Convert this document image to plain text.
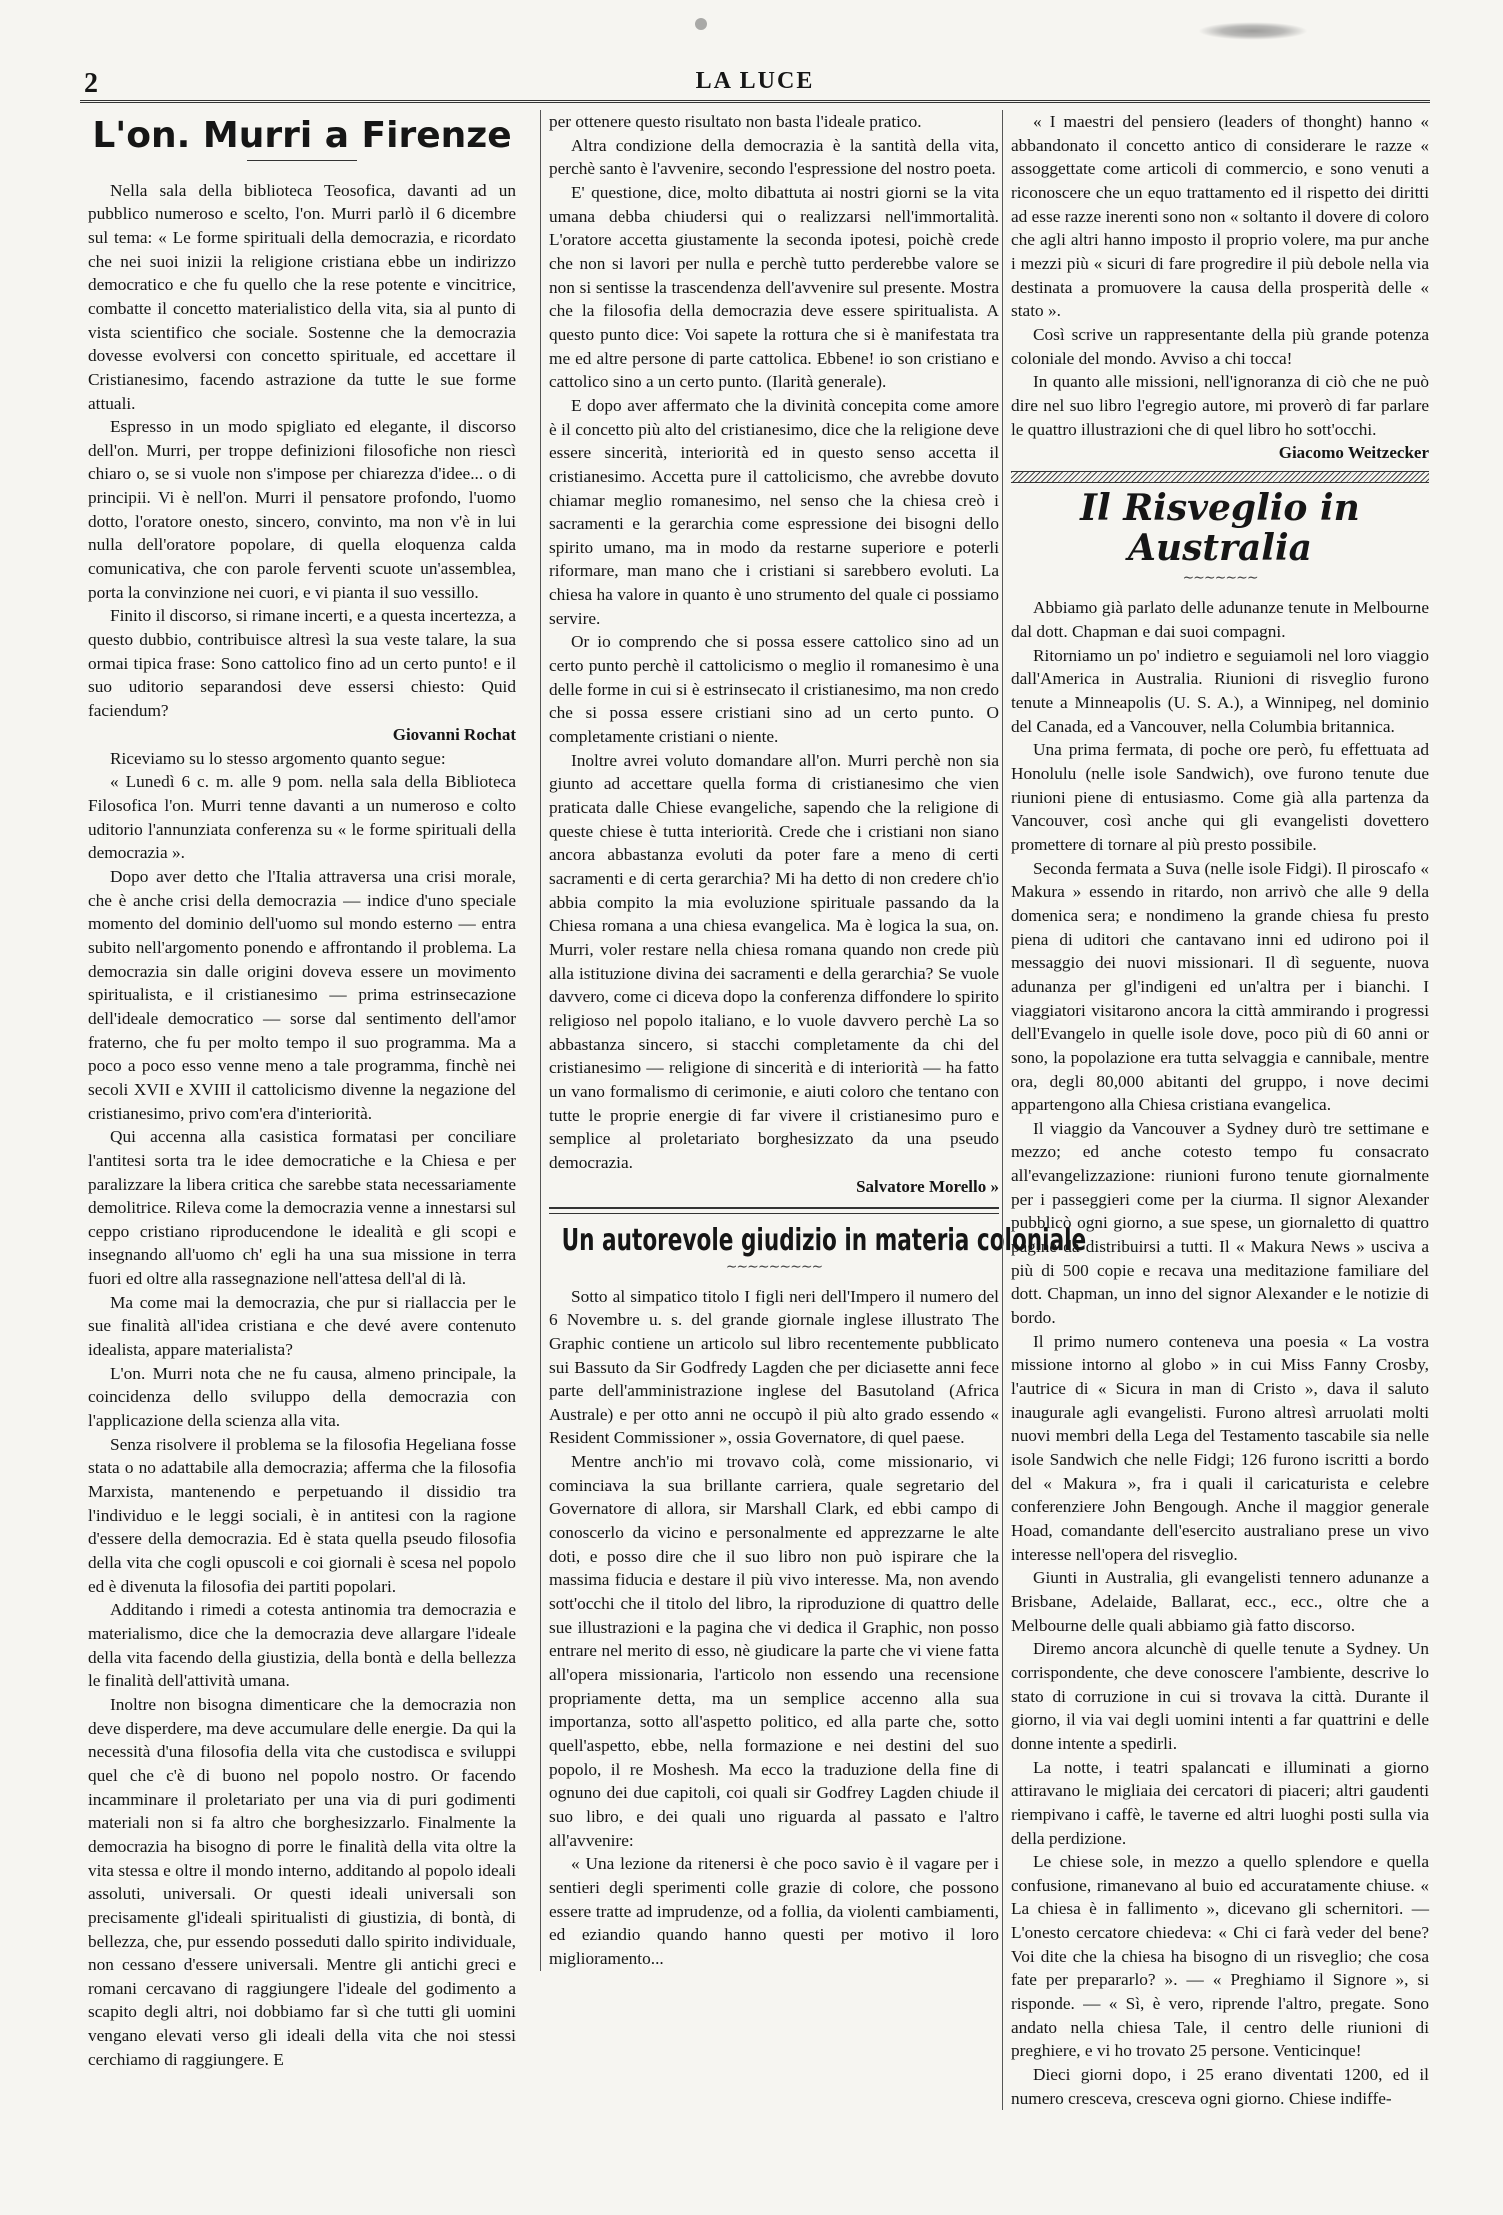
2	LA LUCE
L'on. Murri a Firenze

Nella sala della biblioteca Teosofica, davanti ad un pubblico numeroso e scelto, l'on. Murri parlò il 6 dicembre sul tema: « Le forme spirituali della democrazia, e ricordato che nei suoi inizii la religione cristiana ebbe un indirizzo democratico e che fu quello che la rese potente e vincitrice, combatte il concetto materialistico della vita, sia al punto di vista scientifico che sociale. Sostenne che la democrazia dovesse evolversi con concetto spirituale, ed accettare il Cristianesimo, facendo astrazione da tutte le sue forme attuali.

Espresso in un modo spigliato ed elegante, il discorso dell'on. Murri, per troppe definizioni filosofiche non riescì chiaro o, se si vuole non s'impose per chiarezza d'idee... o di principii. Vi è nell'on. Murri il pensatore profondo, l'uomo dotto, l'oratore onesto, sincero, convinto, ma non v'è in lui nulla dell'oratore popolare, di quella eloquenza calda comunicativa, che con parole ferventi scuote un'assemblea, porta la convinzione nei cuori, e vi pianta il suo vessillo.

Finito il discorso, si rimane incerti, e a questa incertezza, a questo dubbio, contribuisce altresì la sua veste talare, la sua ormai tipica frase: Sono cattolico fino ad un certo punto! e il suo uditorio separandosi deve essersi chiesto: Quid faciendum?

Giovanni Rochat

Riceviamo su lo stesso argomento quanto segue:

« Lunedì 6 c. m. alle 9 pom. nella sala della Biblioteca Filosofica l'on. Murri tenne davanti a un numeroso e colto uditorio l'annunziata conferenza su « le forme spirituali della democrazia ».

Dopo aver detto che l'Italia attraversa una crisi morale, che è anche crisi della democrazia — indice d'uno speciale momento del dominio dell'uomo sul mondo esterno — entra subito nell'argomento ponendo e affrontando il problema. La democrazia sin dalle origini doveva essere un movimento spiritualista, e il cristianesimo — prima estrinsecazione dell'ideale democratico — sorse dal sentimento dell'amor fraterno, che fu per molto tempo il suo programma. Ma a poco a poco esso venne meno a tale programma, finchè nei secoli XVII e XVIII il cattolicismo divenne la negazione del cristianesimo, privo com'era d'interiorità.

Qui accenna alla casistica formatasi per conciliare l'antitesi sorta tra le idee democratiche e la Chiesa e per paralizzare la libera critica che sarebbe stata necessariamente demolitrice. Rileva come la democrazia venne a innestarsi sul ceppo cristiano riproducendone le idealità e gli scopi e insegnando all'uomo ch' egli ha una sua missione in terra fuori ed oltre alla rassegnazione nell'attesa dell'al di là.

Ma come mai la democrazia, che pur si riallaccia per le sue finalità all'idea cristiana e che devé avere contenuto idealista, appare materialista?

L'on. Murri nota che ne fu causa, almeno principale, la coincidenza dello sviluppo della democrazia con l'applicazione della scienza alla vita.

Senza risolvere il problema se la filosofia Hegeliana fosse stata o no adattabile alla democrazia; afferma che la filosofia Marxista, mantenendo e perpetuando il dissidio tra l'individuo e le leggi sociali, è in antitesi con la ragione d'essere della democrazia. Ed è stata quella pseudo filosofia della vita che cogli opuscoli e coi giornali è scesa nel popolo ed è divenuta la filosofia dei partiti popolari.

Additando i rimedi a cotesta antinomia tra democrazia e materialismo, dice che la democrazia deve allargare l'ideale della vita facendo della giustizia, della bontà e della bellezza le finalità dell'attività umana.

Inoltre non bisogna dimenticare che la democrazia non deve disperdere, ma deve accumulare delle energie. Da qui la necessità d'una filosofia della vita che custodisca e sviluppi quel che c'è di buono nel popolo nostro. Or facendo incamminare il proletariato per una via di puri godimenti materiali non si fa altro che borghesizzarlo. Finalmente la democrazia ha bisogno di porre le finalità della vita oltre la vita stessa e oltre il mondo interno, additando al popolo ideali assoluti, universali. Or questi ideali universali son precisamente gl'ideali spiritualisti di giustizia, di bontà, di bellezza, che, pur essendo posseduti dallo spirito individuale, non cessano d'essere universali. Mentre gli antichi greci e romani cercavano di raggiungere l'ideale del godimento a scapito degli altri, noi dobbiamo far sì che tutti gli uomini vengano elevati verso gli ideali della vita che noi stessi cerchiamo di raggiungere. E

per ottenere questo risultato non basta l'ideale pratico.

Altra condizione della democrazia è la santità della vita, perchè santo è l'avvenire, secondo l'espressione del nostro poeta.

E' questione, dice, molto dibattuta ai nostri giorni se la vita umana debba chiudersi qui o realizzarsi nell'immortalità. L'oratore accetta giustamente la seconda ipotesi, poichè crede che non si lavori per nulla e perchè tutto perderebbe valore se non si sentisse la trascendenza dell'avvenire sul presente. Mostra che la filosofia della democrazia deve essere spiritualista. A questo punto dice: Voi sapete la rottura che si è manifestata tra me ed altre persone di parte cattolica. Ebbene! io son cristiano e cattolico sino a un certo punto. (Ilarità generale).

E dopo aver affermato che la divinità concepita come amore è il concetto più alto del cristianesimo, dice che la religione deve essere sincerità, interiorità ed in questo senso accetta il cristianesimo. Accetta pure il cattolicismo, che avrebbe dovuto chiamar meglio romanesimo, nel senso che la chiesa creò i sacramenti e la gerarchia come espressione dei bisogni dello spirito umano, ma in modo da restarne superiore e poterli riformare, man mano che i cristiani si sarebbero evoluti. La chiesa ha valore in quanto è uno strumento del quale ci possiamo servire.

Or io comprendo che si possa essere cattolico sino ad un certo punto perchè il cattolicismo o meglio il romanesimo è una delle forme in cui si è estrinsecato il cristianesimo, ma non credo che si possa essere cristiani sino ad un certo punto. O completamente cristiani o niente.

Inoltre avrei voluto domandare all'on. Murri perchè non sia giunto ad accettare quella forma di cristianesimo che vien praticata dalle Chiese evangeliche, sapendo che la religione di queste chiese è tutta interiorità. Crede che i cristiani non siano ancora abbastanza evoluti da poter fare a meno di certi sacramenti e di certa gerarchia? Mi ha detto di non credere ch'io abbia compito la mia evoluzione spirituale passando da la Chiesa romana a una chiesa evangelica. Ma è logica la sua, on. Murri, voler restare nella chiesa romana quando non crede più alla istituzione divina dei sacramenti e della gerarchia? Se vuole davvero, come ci diceva dopo la conferenza diffondere lo spirito religioso nel popolo italiano, e lo vuole davvero perchè La so abbastanza sincero, si stacchi completamente da chi del cristianesimo — religione di sincerità e di interiorità — ha fatto un vano formalismo di cerimonie, e aiuti coloro che tentano con tutte le proprie energie di far vivere il cristianesimo puro e semplice al proletariato borghesizzato da una pseudo democrazia.

Salvatore Morello »
Un autorevole giudizio in materia coloniale
∼∼∼∼∼∼∼∼∼

Sotto al simpatico titolo I figli neri dell'Impero il numero del 6 Novembre u. s. del grande giornale inglese illustrato The Graphic contiene un articolo sul libro recentemente pubblicato sui Bassuto da Sir Godfredy Lagden che per diciasette anni fece parte dell'amministrazione inglese del Basutoland (Africa Australe) e per otto anni ne occupò il più alto grado essendo « Resident Commissioner », ossia Governatore, di quel paese.

Mentre anch'io mi trovavo colà, come missionario, vi cominciava la sua brillante carriera, quale segretario del Governatore di allora, sir Marshall Clark, ed ebbi campo di conoscerlo da vicino e personalmente ed apprezzarne le alte doti, e posso dire che il suo libro non può ispirare che la massima fiducia e destare il più vivo interesse. Ma, non avendo sott'occhi che il titolo del libro, la riproduzione di quattro delle sue illustrazioni e la pagina che vi dedica il Graphic, non posso entrare nel merito di esso, nè giudicare la parte che vi viene fatta all'opera missionaria, l'articolo non essendo una recensione propriamente detta, ma un semplice accenno alla sua importanza, sotto all'aspetto politico, ed alla parte che, sotto quell'aspetto, ebbe, nella formazione e nei destini del suo popolo, il re Moshesh. Ma ecco la traduzione della fine di ognuno dei due capitoli, coi quali sir Godfrey Lagden chiude il suo libro, e dei quali uno riguarda al passato e l'altro all'avvenire:

« Una lezione da ritenersi è che poco savio è il vagare per i sentieri degli sperimenti colle grazie di colore, che possono essere tratte ad imprudenze, od a follia, da violenti cambiamenti, ed eziandio quando hanno questi per motivo il loro miglioramento...

« I maestri del pensiero (leaders of thonght) hanno « abbandonato il concetto antico di considerare le razze « assoggettate come articoli di commercio, e sono venuti a riconoscere che un equo trattamento ed il rispetto dei diritti ad esse razze inerenti sono non « soltanto il dovere di coloro che agli altri hanno imposto il proprio volere, ma pur anche i mezzi più « sicuri di fare progredire il più debole nella via destinata a promuovere la causa della prosperità delle « stato ».

Così scrive un rappresentante della più grande potenza coloniale del mondo. Avviso a chi tocca!

In quanto alle missioni, nell'ignoranza di ciò che ne può dire nel suo libro l'egregio autore, mi proverò di far parlare le quattro illustrazioni che di quel libro ho sott'occhi.

Giacomo Weitzecker
Il Risveglio in Australia
∼∼∼∼∼∼∼

Abbiamo già parlato delle adunanze tenute in Melbourne dal dott. Chapman e dai suoi compagni.

Ritorniamo un po' indietro e seguiamoli nel loro viaggio dall'America in Australia. Riunioni di risveglio furono tenute a Minneapolis (U. S. A.), a Winnipeg, nel dominio del Canada, ed a Vancouver, nella Columbia britannica.

Una prima fermata, di poche ore però, fu effettuata ad Honolulu (nelle isole Sandwich), ove furono tenute due riunioni piene di entusiasmo. Come già alla partenza da Vancouver, così anche qui gli evangelisti dovettero promettere di tornare al più presto possibile.

Seconda fermata a Suva (nelle isole Fidgi). Il piroscafo « Makura » essendo in ritardo, non arrivò che alle 9 della domenica sera; e nondimeno la grande chiesa fu presto piena di uditori che cantavano inni ed udirono poi il messaggio dei nuovi missionari. Il dì seguente, nuova adunanza per gl'indigeni ed un'altra per i bianchi. I viaggiatori visitarono ancora la città ammirando i progressi dell'Evangelo in quelle isole dove, poco più di 60 anni or sono, la popolazione era tutta selvaggia e cannibale, mentre ora, degli 80,000 abitanti del gruppo, i nove decimi appartengono alla Chiesa cristiana evangelica.

Il viaggio da Vancouver a Sydney durò tre settimane e mezzo; ed anche cotesto tempo fu consacrato all'evangelizzazione: riunioni furono tenute giornalmente per i passeggieri come per la ciurma. Il signor Alexander pubblicò ogni giorno, a sue spese, un giornaletto di quattro pagine da distribuirsi a tutti. Il « Makura News » usciva a più di 500 copie e recava una meditazione familiare del dott. Chapman, un inno del signor Alexander e le notizie di bordo.

Il primo numero conteneva una poesia « La vostra missione intorno al globo » in cui Miss Fanny Crosby, l'autrice di « Sicura in man di Cristo », dava il saluto inaugurale agli evangelisti. Furono altresì arruolati molti nuovi membri della Lega del Testamento tascabile sia nelle isole Sandwich che nelle Fidgi; 126 furono iscritti a bordo del « Makura », fra i quali il caricaturista e celebre conferenziere John Bengough. Anche il maggior generale Hoad, comandante dell'esercito australiano prese un vivo interesse nell'opera del risveglio.

Giunti in Australia, gli evangelisti tennero adunanze a Brisbane, Adelaide, Ballarat, ecc., ecc., oltre che a Melbourne delle quali abbiamo già fatto discorso.

Diremo ancora alcunchè di quelle tenute a Sydney. Un corrispondente, che deve conoscere l'ambiente, descrive lo stato di corruzione in cui si trovava la città. Durante il giorno, il via vai degli uomini intenti a far quattrini e delle donne intente a spedirli.

La notte, i teatri spalancati e illuminati a giorno attiravano le migliaia dei cercatori di piaceri; altri gaudenti riempivano i caffè, le taverne ed altri luoghi posti sulla via della perdizione.

Le chiese sole, in mezzo a quello splendore e quella confusione, rimanevano al buio ed accuratamente chiuse. « La chiesa è in fallimento », dicevano gli schernitori. — L'onesto cercatore chiedeva: « Chi ci farà veder del bene? Voi dite che la chiesa ha bisogno di un risveglio; che cosa fate per prepararlo? ». — « Preghiamo il Signore », si risponde. — « Sì, è vero, riprende l'altro, pregate. Sono andato nella chiesa Tale, il centro delle riunioni di preghiere, e vi ho trovato 25 persone. Venticinque!

Dieci giorni dopo, i 25 erano diventati 1200, ed il numero cresceva, cresceva ogni giorno. Chiese indiffe-
